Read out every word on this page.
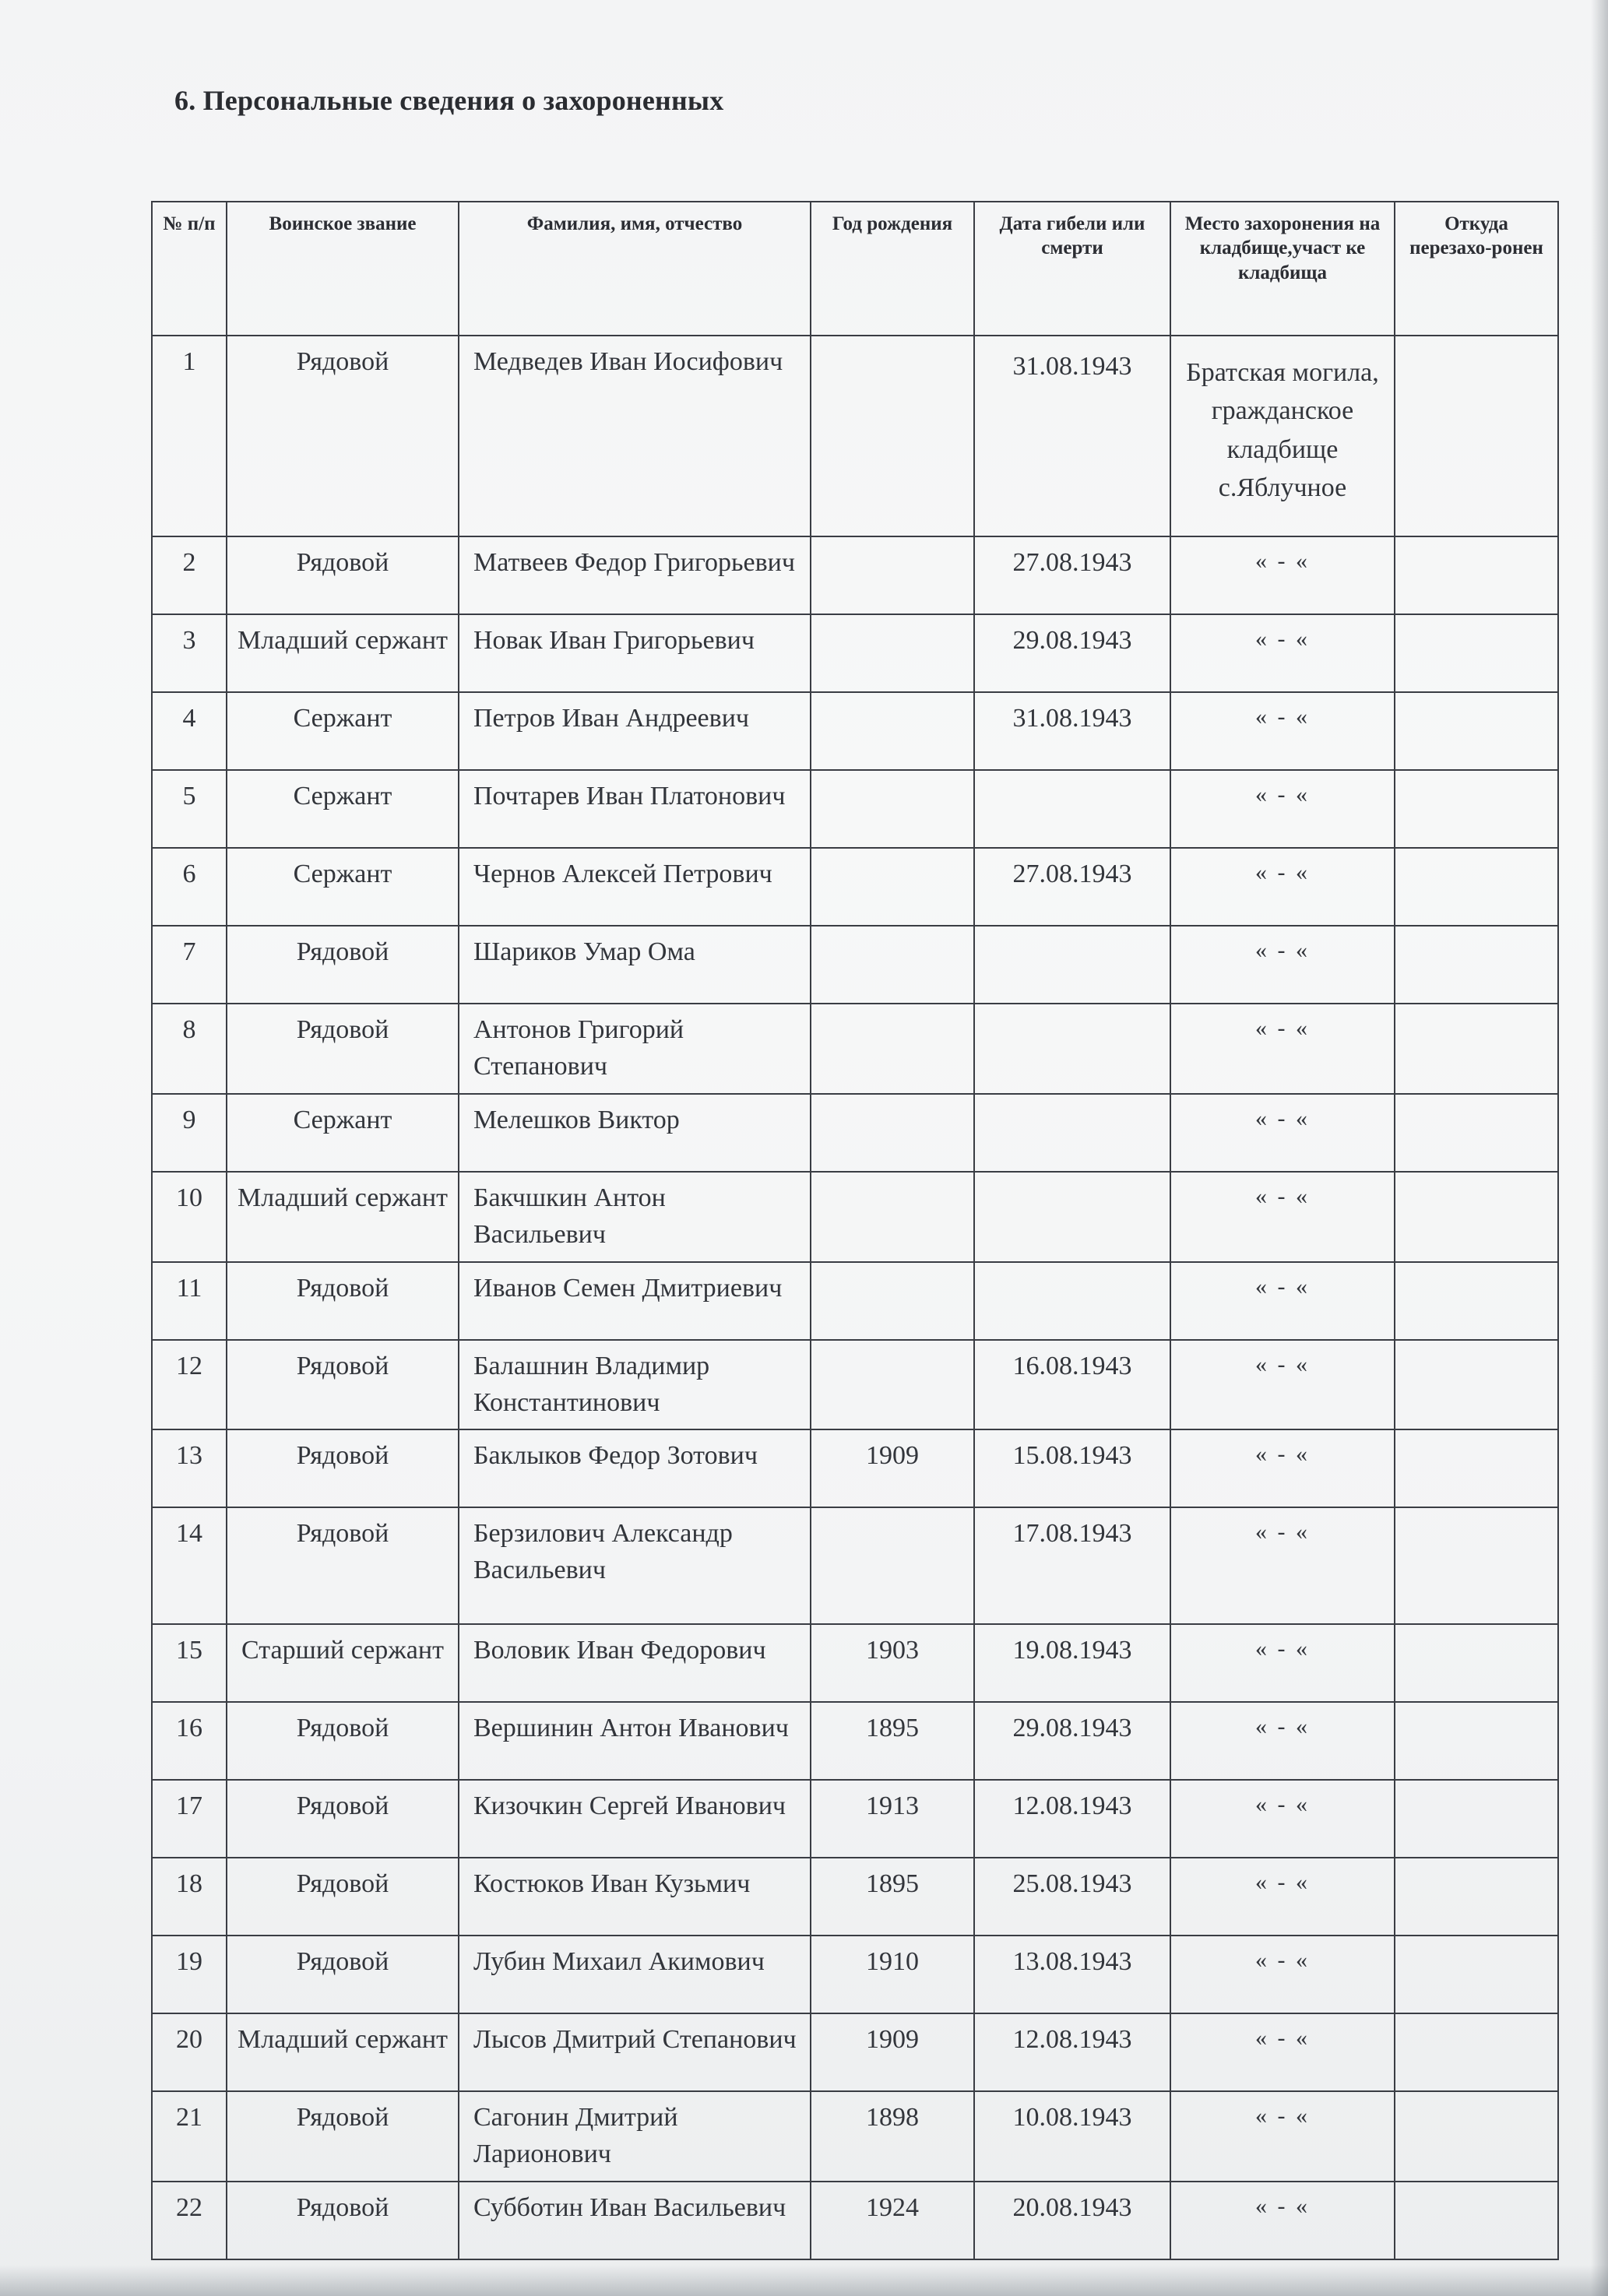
6. Персональные сведения о захороненных
№ п/п	Воинское звание	Фамилия, имя, отчество	Год рождения	Дата гибели или смерти	Место захоронения на кладбище,участ ке кладбища	Откуда перезахо-ронен
1	Рядовой	Медведев Иван Иосифович		31.08.1943	Братская могила, гражданское кладбище с.Яблучное	
2	Рядовой	Матвеев Федор Григорьевич		27.08.1943	« - «	
3	Младший сержант	Новак Иван Григорьевич		29.08.1943	« - «	
4	Сержант	Петров Иван Андреевич		31.08.1943	« - «	
5	Сержант	Почтарев Иван Платонович			« - «	
6	Сержант	Чернов Алексей Петрович		27.08.1943	« - «	
7	Рядовой	Шариков Умар Ома			« - «	
8	Рядовой	Антонов Григорий Степанович			« - «	
9	Сержант	Мелешков Виктор			« - «	
10	Младший сержант	Бакчшкин Антон Васильевич			« - «	
11	Рядовой	Иванов Семен Дмитриевич			« - «	
12	Рядовой	Балашнин Владимир Константинович		16.08.1943	« - «	
13	Рядовой	Баклыков Федор Зотович	1909	15.08.1943	« - «	
14	Рядовой	Берзилович Александр Васильевич		17.08.1943	« - «	
15	Старший сержант	Воловик Иван Федорович	1903	19.08.1943	« - «	
16	Рядовой	Вершинин Антон Иванович	1895	29.08.1943	« - «	
17	Рядовой	Кизочкин Сергей Иванович	1913	12.08.1943	« - «	
18	Рядовой	Костюков Иван Кузьмич	1895	25.08.1943	« - «	
19	Рядовой	Лубин Михаил Акимович	1910	13.08.1943	« - «	
20	Младший сержант	Лысов Дмитрий Степанович	1909	12.08.1943	« - «	
21	Рядовой	Сагонин Дмитрий Ларионович	1898	10.08.1943	« - «	
22	Рядовой	Субботин Иван Васильевич	1924	20.08.1943	« - «	
